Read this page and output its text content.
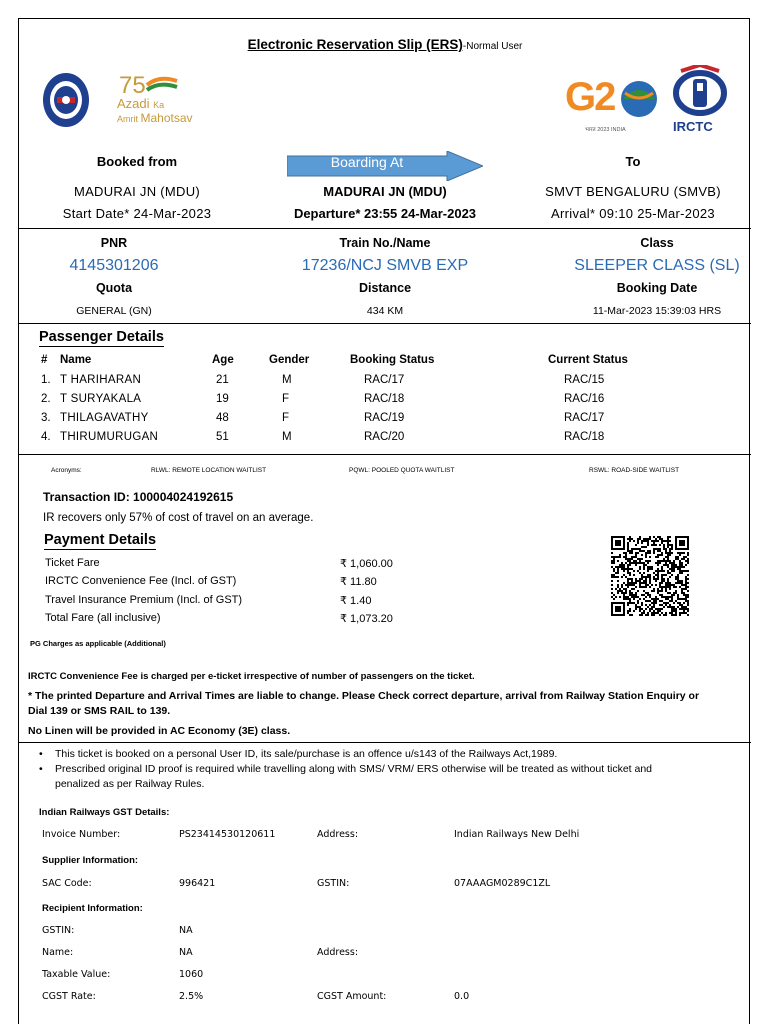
Electronic Reservation Slip (ERS)-Normal User
75
Azadi Ka
Amrit Mahotsav	G2
भारत 2023 INDIA	IRCTC
Booked from	Boarding At	To
MADURAI JN (MDU)	MADURAI JN (MDU)	SMVT BENGALURU (SMVB)
Start Date* 24-Mar-2023	Departure* 23:55 24-Mar-2023	Arrival* 09:10 25-Mar-2023
PNR	Train No./Name	Class
4145301206	17236/NCJ SMVB EXP	SLEEPER CLASS (SL)
Quota	Distance	Booking Date
GENERAL (GN)	434 KM	11-Mar-2023 15:39:03 HRS
Passenger Details
# Name	Age	Gender	Booking Status	Current Status
1. T HARIHARAN	21	M	RAC/17	RAC/15
2. T SURYAKALA	19	F	RAC/18	RAC/16
3. THILAGAVATHY	48	F	RAC/19	RAC/17
4. THIRUMURUGAN	51	M	RAC/20	RAC/18
Acronyms:	RLWL: REMOTE LOCATION WAITLIST	PQWL: POOLED QUOTA WAITLIST	RSWL: ROAD-SIDE WAITLIST
Transaction ID: 100004024192615
IR recovers only 57% of cost of travel on an average.
Payment Details
Ticket Fare	₹ 1,060.00
IRCTC Convenience Fee (Incl. of GST)	₹ 11.80
Travel Insurance Premium (Incl. of GST)	₹ 1.40
Total Fare (all inclusive)	₹ 1,073.20
PG Charges as applicable (Additional)
IRCTC Convenience Fee is charged per e-ticket irrespective of number of passengers on the ticket.
* The printed Departure and Arrival Times are liable to change. Please Check correct departure, arrival from Railway Station Enquiry or
Dial 139 or SMS RAIL to 139.
No Linen will be provided in AC Economy (3E) class.
• This ticket is booked on a personal User ID, its sale/purchase is an offence u/s143 of the Railways Act,1989.
• Prescribed original ID proof is required while travelling along with SMS/ VRM/ ERS otherwise will be treated as without ticket and
penalized as per Railway Rules.
Indian Railways GST Details:
Invoice Number:	PS23414530120611	Address:	Indian Railways New Delhi
Supplier Information:
SAC Code:	996421	GSTIN:	07AAAGM0289C1ZL
Recipient Information:
GSTIN:	NA
Name:	NA	Address:
Taxable Value:	1060
CGST Rate:	2.5%	CGST Amount:	0.0
